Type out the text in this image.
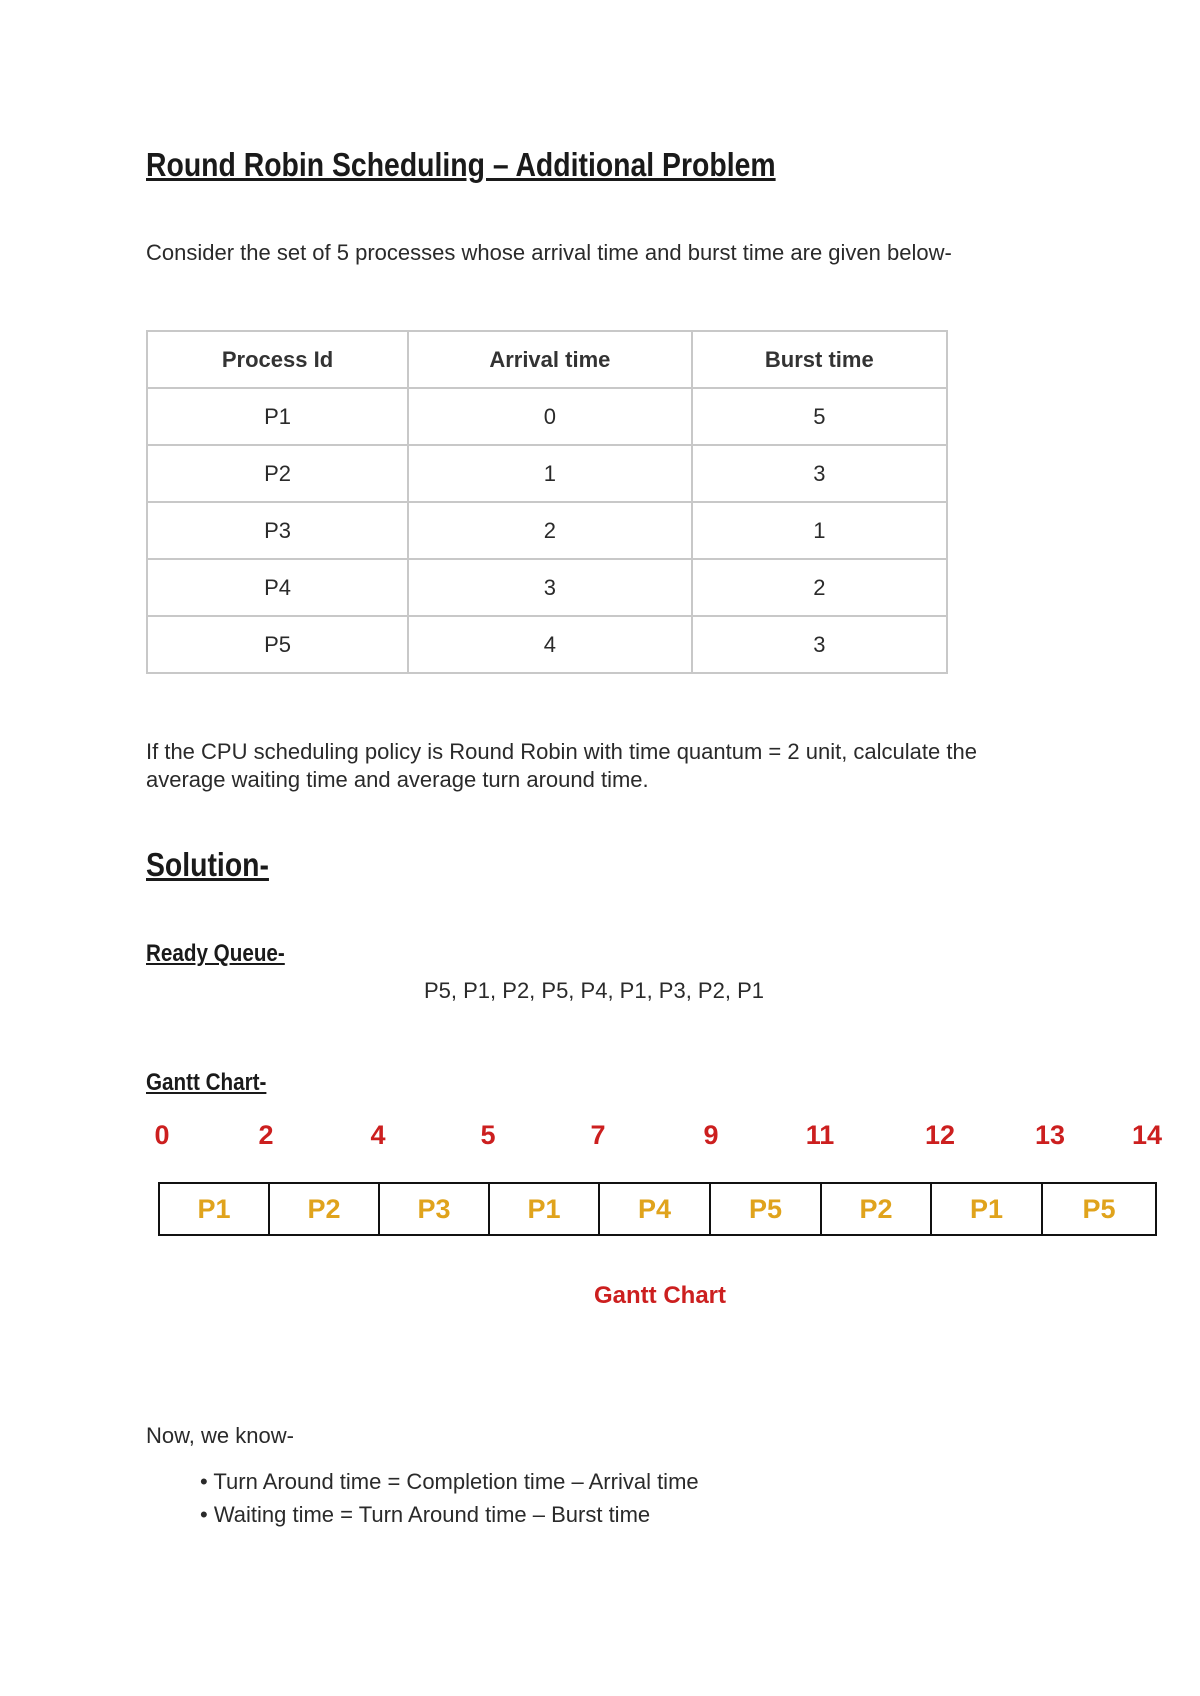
Round Robin Scheduling – Additional Problem

Consider the set of 5 processes whose arrival time and burst time are given below-

Process Id	Arrival time	Burst time
P1	0	5
P2	1	3
P3	2	1
P4	3	2
P5	4	3

If the CPU scheduling policy is Round Robin with time quantum = 2 unit, calculate the average waiting time and average turn around time.

Solution-
Ready Queue-

P5, P1, P2, P5, P4, P1, P3, P2, P1

Gantt Chart-
0	2	4	5	7	9	11	12	13 14
P1	P2	P3	P1	P4	P5	P2	P1	P5

Gantt Chart

Now, we know-

• Turn Around time = Completion time – Arrival time
• Waiting time = Turn Around time – Burst time
